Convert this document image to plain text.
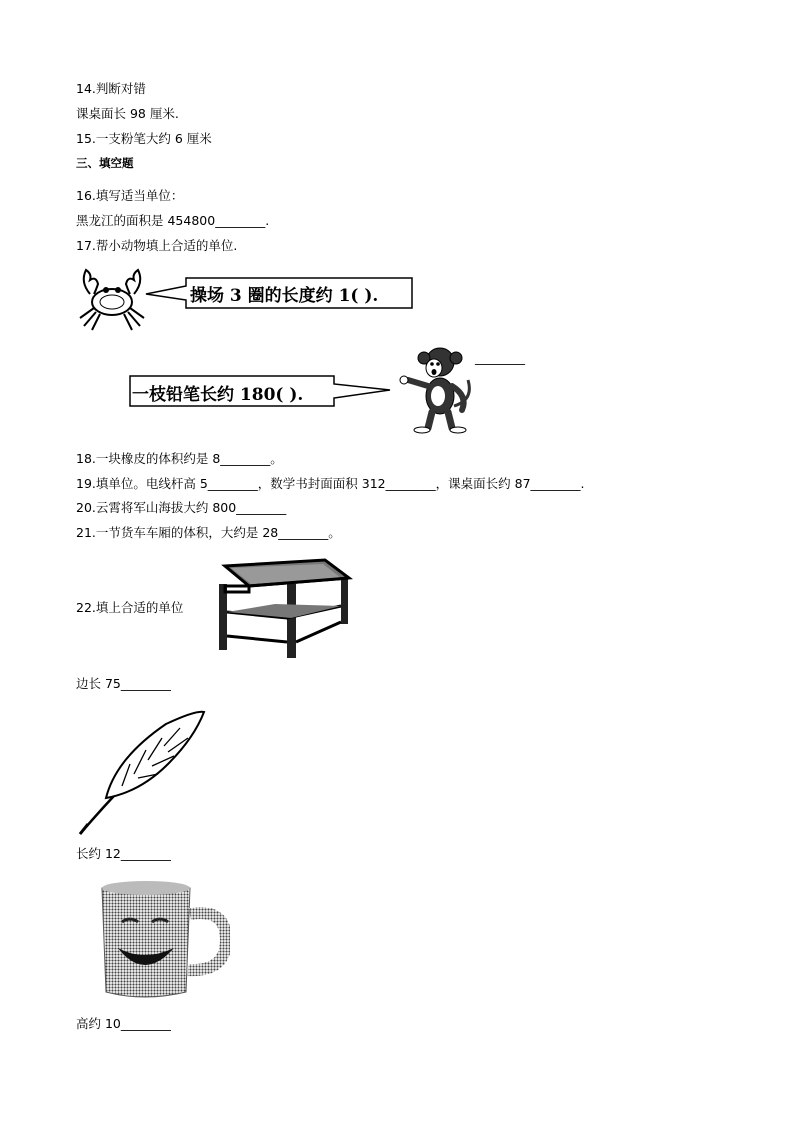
14.判断对错
课桌面长 98 厘米.
15.一支粉笔大约 6 厘米
三、填空题
16.填写适当单位：
黑龙江的面积是 454800________.
17.帮小动物填上合适的单位.
操场 3 圈的长度约 1( ).
________
一枝铅笔长约 180( ).
18.一块橡皮的体积约是 8________。
19.填单位。电线杆高 5________，数学书封面面积 312________，课桌面长约 87________.
20.云霄将军山海拔大约 800________
21.一节货车车厢的体积，大约是 28________。
22.填上合适的单位
边长 75________
长约 12________
高约 10________
